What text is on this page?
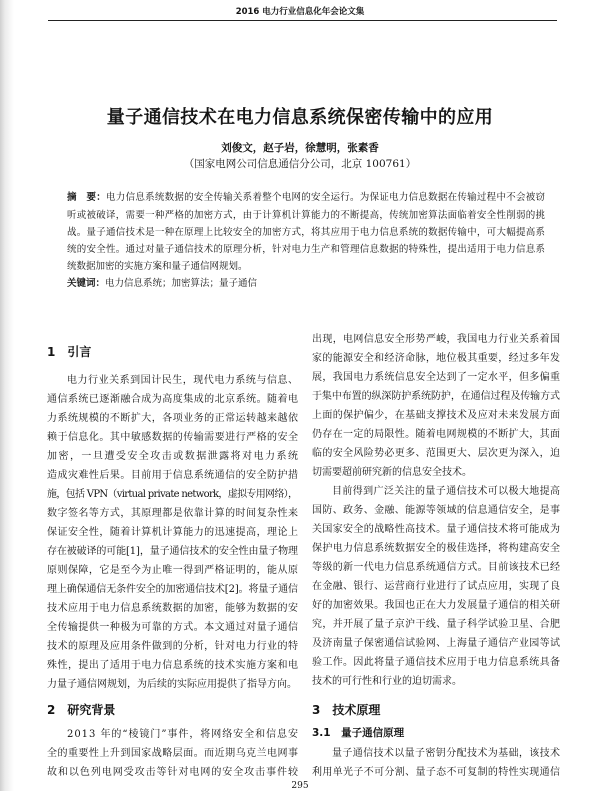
2016 电力行业信息化年会论文集
量子通信技术在电力信息系统保密传输中的应用
刘俊文，赵子岩，徐慧明，张素香
（国家电网公司信息通信分公司，北京 100761）
摘　要：电力信息系统数据的安全传输关系着整个电网的安全运行。为保证电力信息数据在传输过程中不会被窃
听或被破译，需要一种严格的加密方式，由于计算机计算能力的不断提高，传统加密算法面临着安全性削弱的挑
战。量子通信技术是一种在原理上比较安全的加密方式，将其应用于电力信息系统的数据传输中，可大幅提高系
统的安全性。通过对量子通信技术的原理分析，针对电力生产和管理信息数据的特殊性，提出适用于电力信息系
统数据加密的实施方案和量子通信网规划。
关键词：电力信息系统；加密算法；量子通信
1　引言
电力行业关系到国计民生，现代电力系统与信息、
通信系统已逐渐融合成为高度集成的北京系统。随着电
力系统规模的不断扩大，各项业务的正常运转越来越依
赖于信息化。其中敏感数据的传输需要进行严格的安全
加密，一旦遭受安全攻击或数据泄露将对电力系统
造成灾难性后果。目前用于信息系统通信的安全防护措
施，包括 VPN（virtual private network，虚拟专用网络），
数字签名等方式，其原理都是依靠计算的时间复杂性来
保证安全性，随着计算机计算能力的迅速提高，理论上
存在被破译的可能[1]，量子通信技术的安全性由量子物理
原则保障，它是至今为止唯一得到严格证明的，能从原
理上确保通信无条件安全的加密通信技术[2]。将量子通信
技术应用于电力信息系统数据的加密，能够为数据的安
全传输提供一种极为可靠的方式。本文通过对量子通信
技术的原理及应用条件做到的分析，针对电力行业的特
殊性，提出了适用于电力信息系统的技术实施方案和电
力量子通信网规划，为后续的实际应用提供了指导方向。
2　研究背景
2013 年的“棱镜门”事件，将网络安全和信息安
全的重要性上升到国家战略层面。而近期乌克兰电网事
故和以色列电网受攻击等针对电网的安全攻击事件较
出现，电网信息安全形势严峻，我国电力行业关系着国
家的能源安全和经济命脉，地位极其重要，经过多年发
展，我国电力系统信息安全达到了一定水平，但多偏重
于集中布置的纵深防护系统防护，在通信过程及传输方式
上面的保护偏少，在基础支撑技术及应对未来发展方面
仍存在一定的局限性。随着电网规模的不断扩大，其面
临的安全风险势必更多、范围更大、层次更为深入，迫
切需要超前研究新的信息安全技术。
目前得到广泛关注的量子通信技术可以极大地提高
国防、政务、金融、能源等领域的信息通信安全，是事
关国家安全的战略性高技术。量子通信技术将可能成为
保护电力信息系统数据安全的极佳选择，将构建高安全
等级的新一代电力信息系统通信方式。目前该技术已经
在金融、银行、运营商行业进行了试点应用，实现了良
好的加密效果。我国也正在大力发展量子通信的相关研
究，并开展了量子京沪干线、量子科学试验卫星、合肥
及济南量子保密通信试验网、上海量子通信产业园等试
验工作。因此将量子通信技术应用于电力信息系统具备
技术的可行性和行业的迫切需求。
3　技术原理
3.1　量子通信原理
量子通信技术以量子密钥分配技术为基础，该技术
利用单光子不可分割、量子态不可复制的特性实现通信
295
